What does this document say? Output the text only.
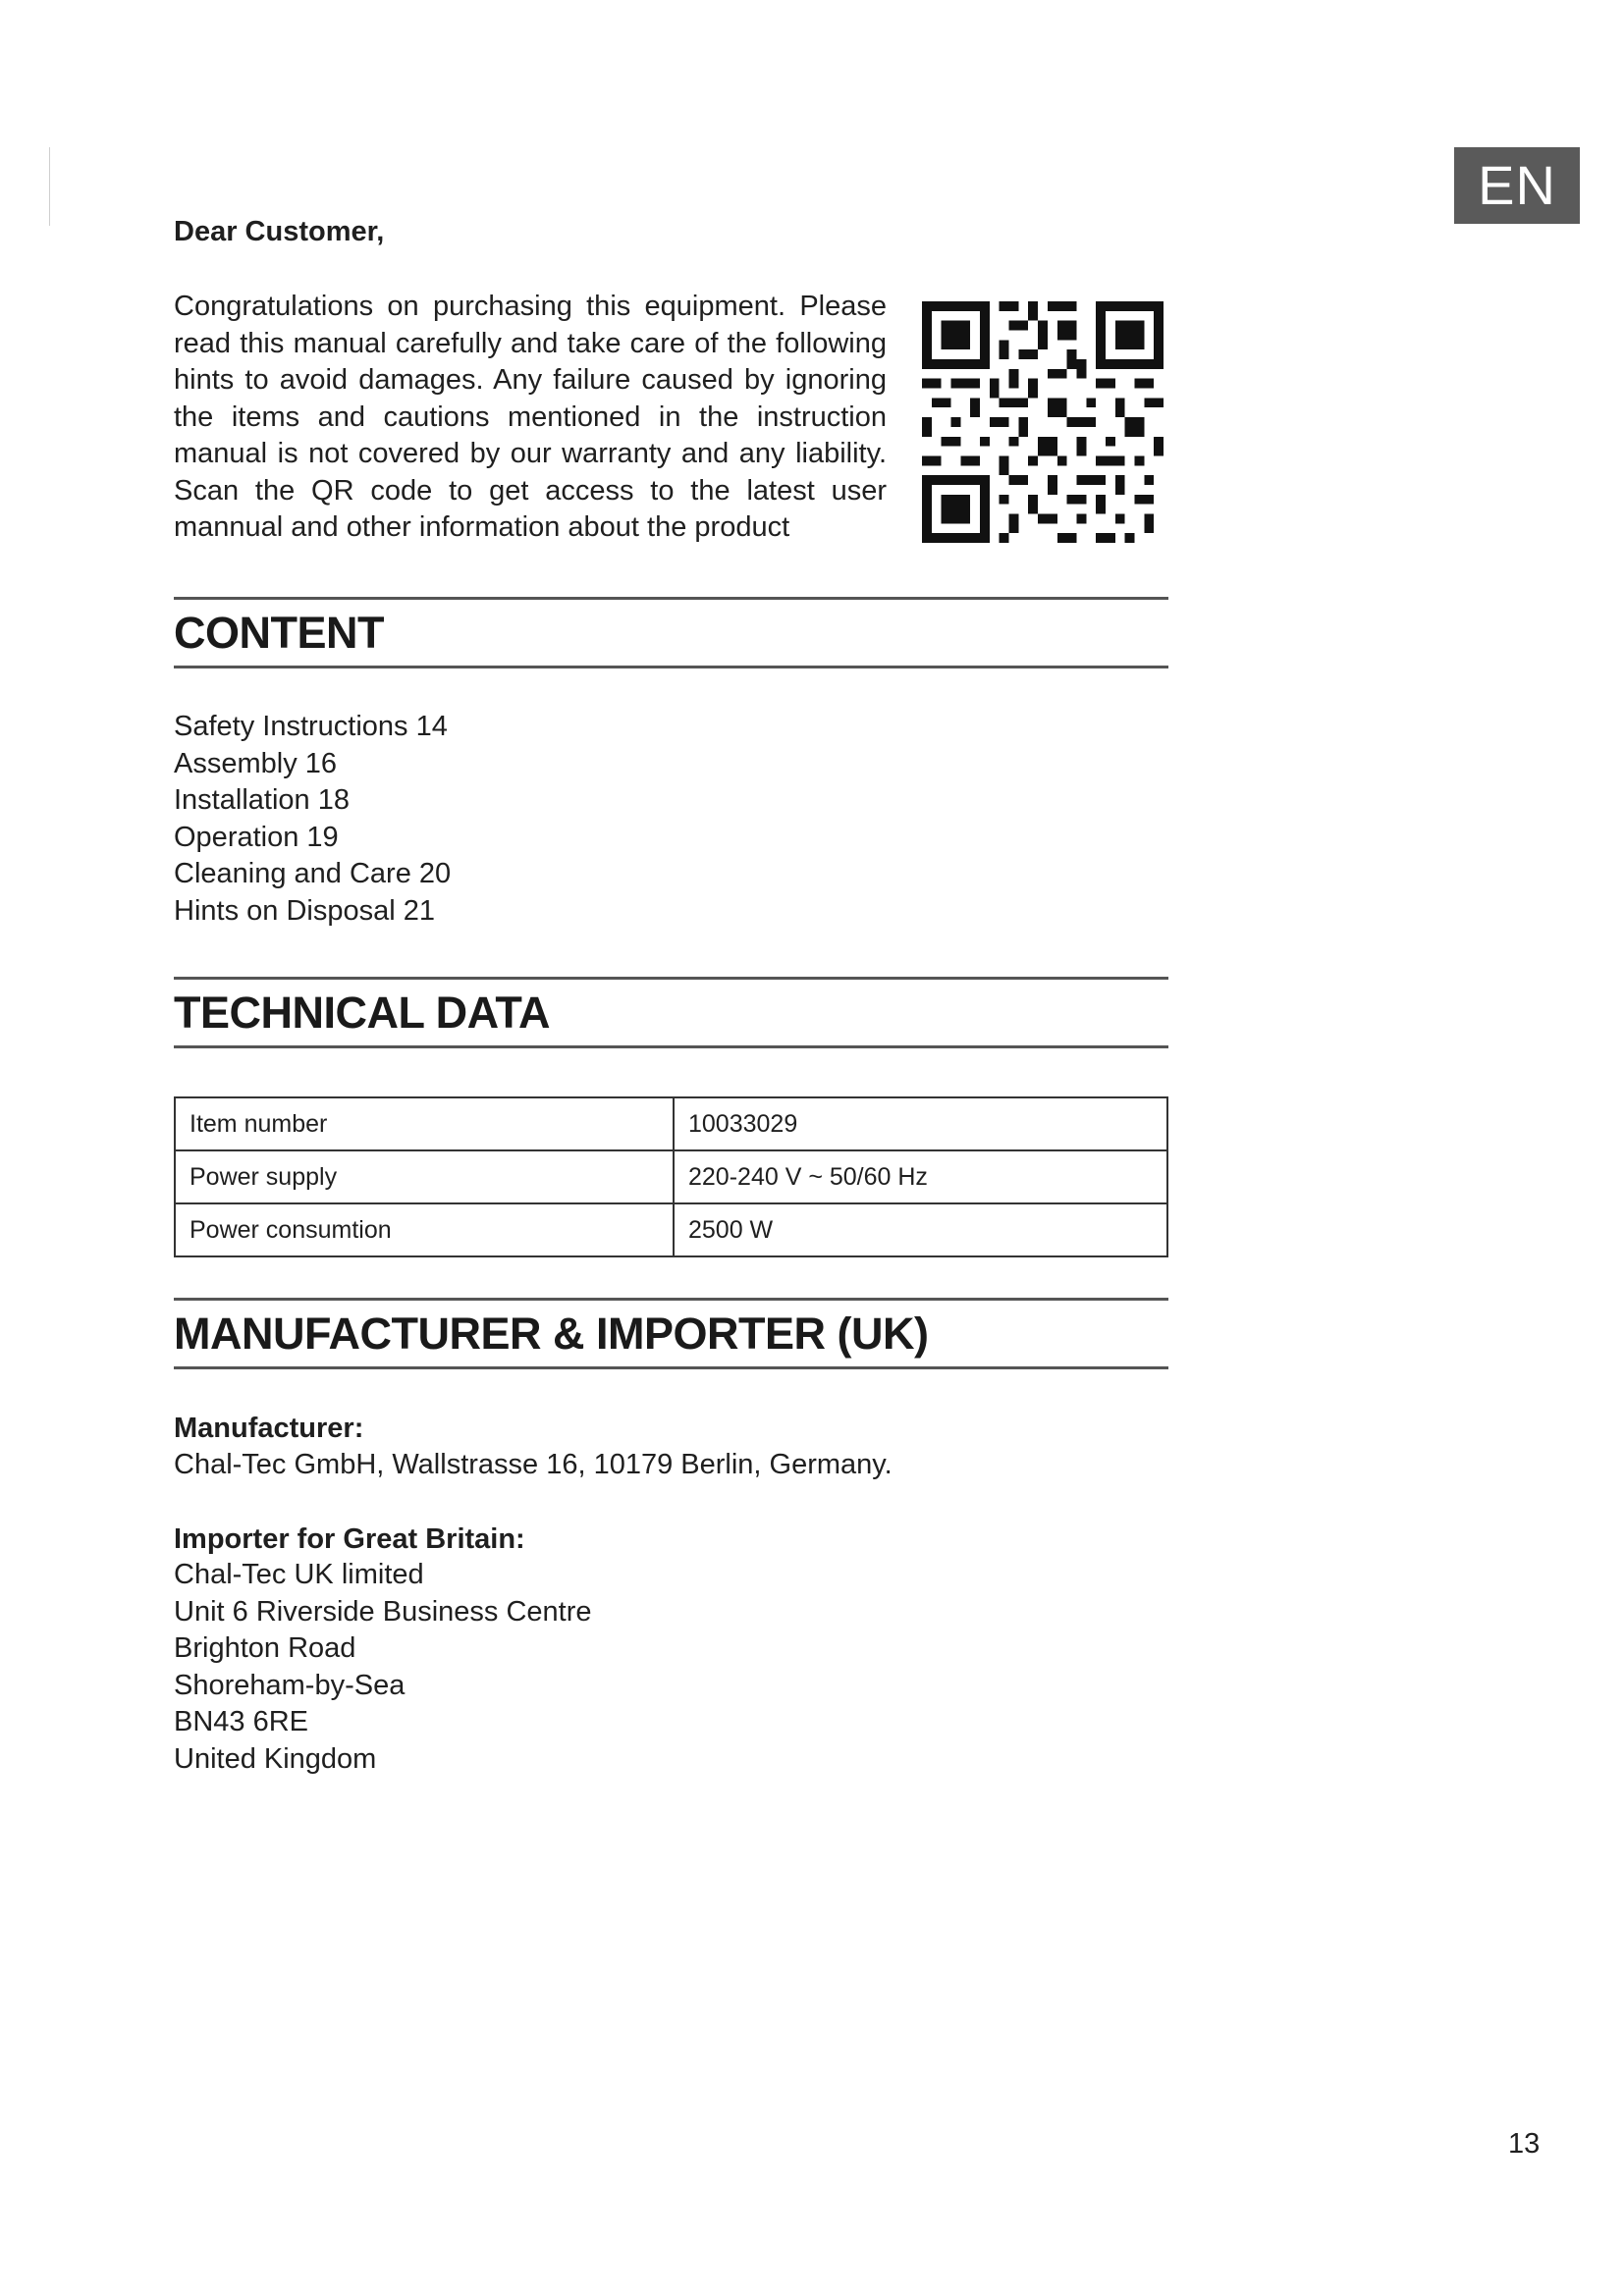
EN

Dear Customer,

Congratulations on purchasing this equipment. Please read this manual carefully and take care of the following hints to avoid damages. Any failure caused by ignoring the items and cautions mentioned in the instruction manual is not covered by our warranty and any liability. Scan the QR code to get access to the latest user mannual and other information about the product

CONTENT
Safety Instructions 14
Assembly 16
Installation 18
Operation 19
Cleaning and Care 20
Hints on Disposal 21
TECHNICAL DATA
Item number	10033029
Power supply	220-240 V ~ 50/60 Hz
Power consumtion	2500 W
MANUFACTURER & IMPORTER (UK)

Manufacturer:

Chal-Tec GmbH, Wallstrasse 16, 10179 Berlin, Germany.

Importer for Great Britain:

Chal-Tec UK limited
Unit 6 Riverside Business Centre
Brighton Road
Shoreham-by-Sea
BN43 6RE
United Kingdom
13
